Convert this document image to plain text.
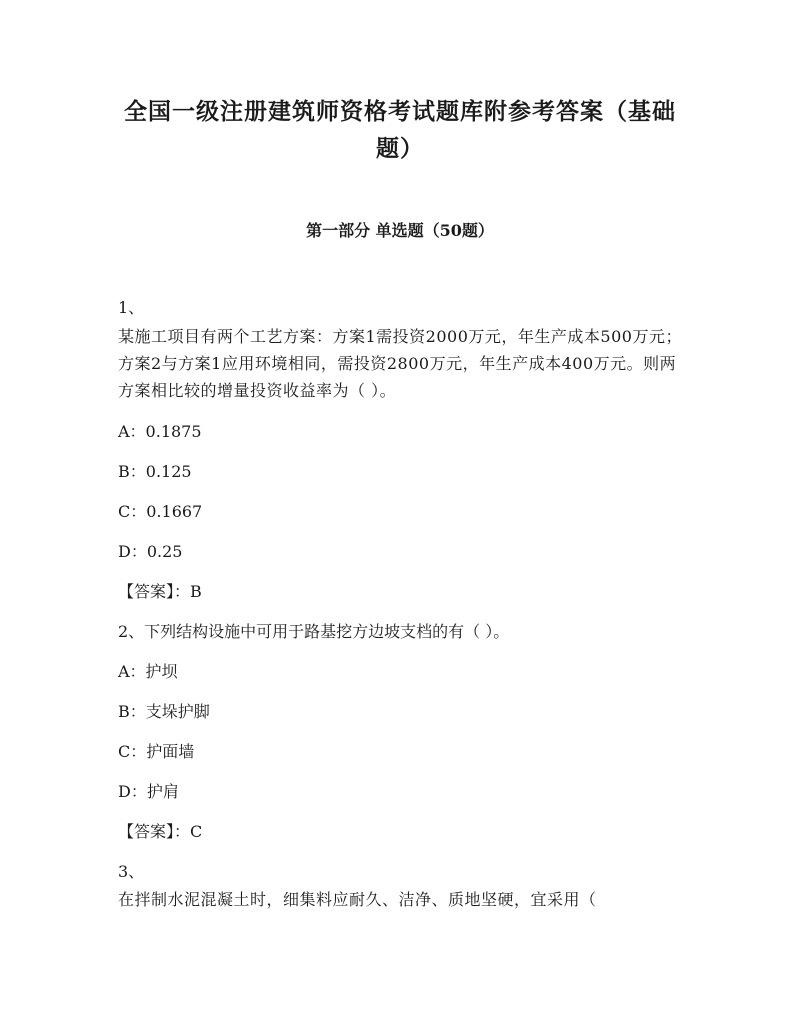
全国一级注册建筑师资格考试题库附参考答案（基础题）
第一部分 单选题（50题）
1、
某施工项目有两个工艺方案：方案1需投资2000万元，年生产成本500万元；方案2与方案1应用环境相同，需投资2800万元，年生产成本400万元。则两方案相比较的增量投资收益率为（ ）。
A：0.1875
B：0.125
C：0.1667
D：0.25
【答案】：B
2、下列结构设施中可用于路基挖方边坡支档的有（ ）。
A：护坝
B：支垛护脚
C：护面墙
D：护肩
【答案】：C
3、
在拌制水泥混凝土时，细集料应耐久、洁净、质地坚硬，宜采用（
